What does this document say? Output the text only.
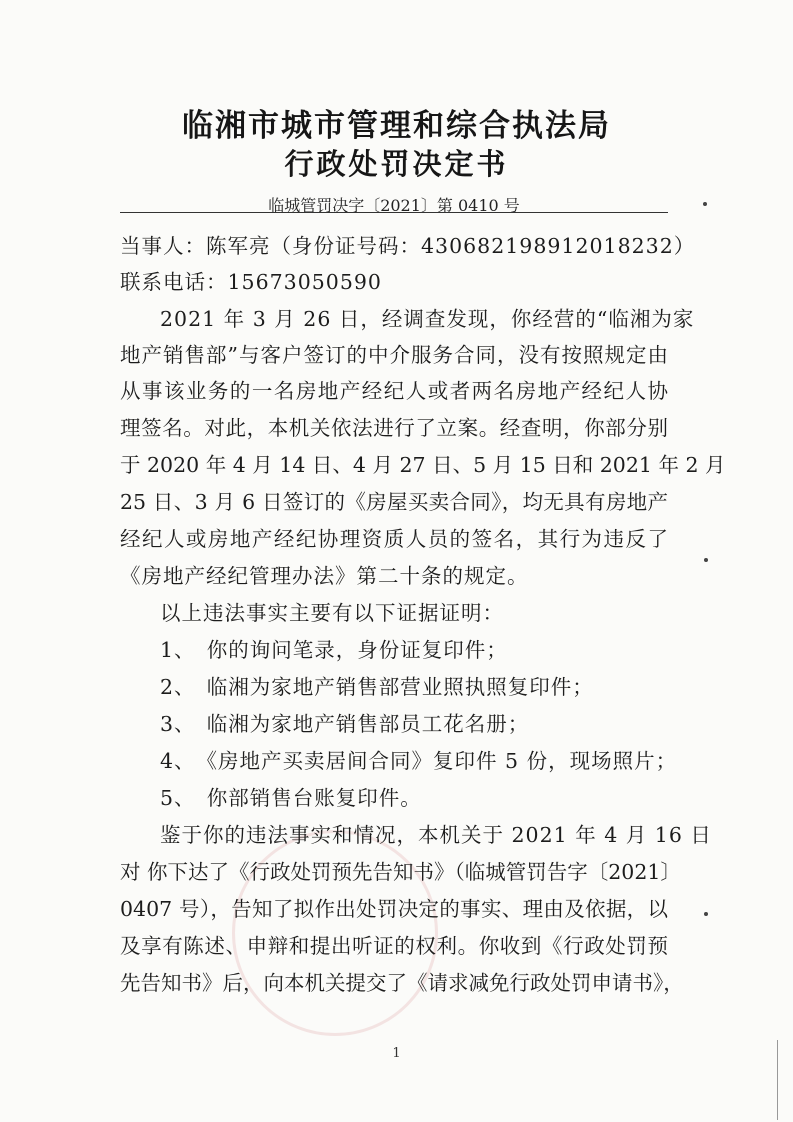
临湘市城市管理和综合执法局
行政处罚决定书
临城管罚决字〔2021〕第 0410 号
当事人：陈军亮（身份证号码：430682198912018232）
联系电话：15673050590
2021 年 3 月 26 日，经调查发现，你经营的“临湘为家
地产销售部”与客户签订的中介服务合同，没有按照规定由
从事该业务的一名房地产经纪人或者两名房地产经纪人协
理签名。对此，本机关依法进行了立案。经查明，你部分别
于 2020 年 4 月 14 日、4 月 27 日、5 月 15 日和 2021 年 2 月
25 日、3 月 6 日签订的《房屋买卖合同》，均无具有房地产
经纪人或房地产经纪协理资质人员的签名，其行为违反了
《房地产经纪管理办法》第二十条的规定。
以上违法事实主要有以下证据证明：
1、　你的询问笔录，身份证复印件；
2、　临湘为家地产销售部营业照执照复印件；
3、　临湘为家地产销售部员工花名册；
4、　《房地产买卖居间合同》复印件 5 份，现场照片；
5、　你部销售台账复印件。
鉴于你的违法事实和情况，本机关于 2021 年 4 月 16 日
对 你下达了《行政处罚预先告知书》（临城管罚告字〔2021〕
0407 号），告知了拟作出处罚决定的事实、理由及依据，以
及享有陈述、申辩和提出听证的权利。你收到《行政处罚预
先告知书》后，向本机关提交了《请求减免行政处罚申请书》，
1
